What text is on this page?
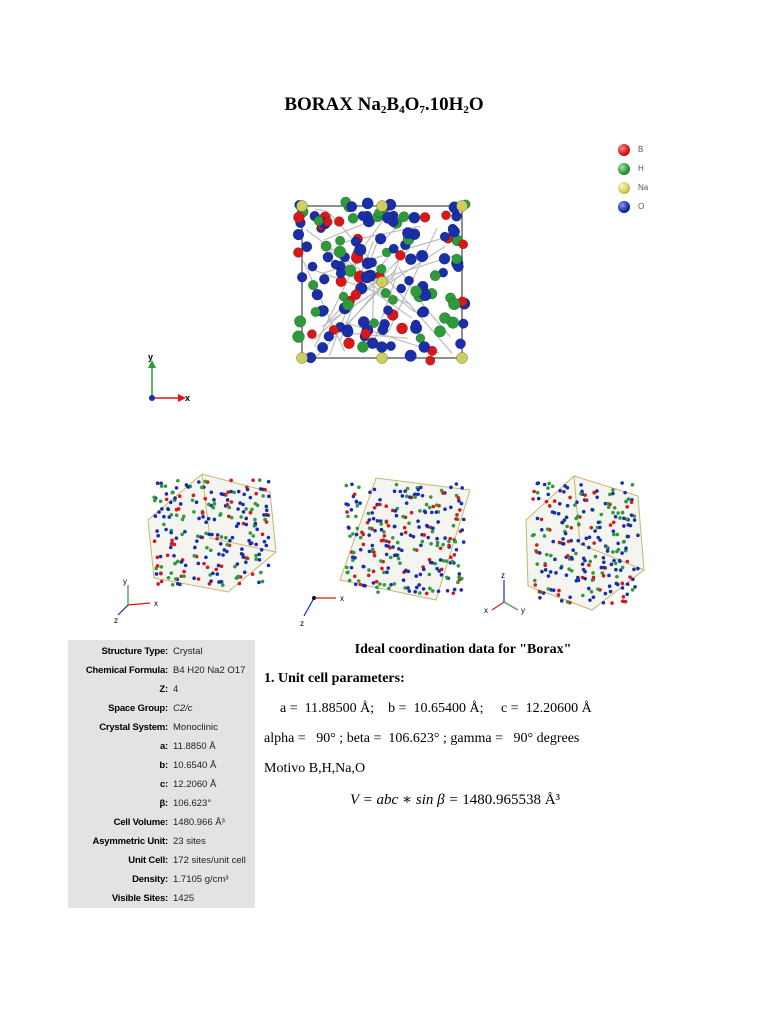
BORAX $Na_2B_4O_7.10H_2O$
y
x
B
H
Na
O
y
x
z
x
z
z
y
x
Structure Type: Crystal
Chemical Formula: B4 H20 Na2 O17
Z: 4
Space Group: C2/c
Crystal System: Monoclinic
a: 11.8850 Å
b: 10.6540 Å
c: 12.2060 Å
β: 106.623°
Cell Volume: 1480.966 Å³
Asymmetric Unit: 23 sites
Unit Cell: 172 sites/unit cell
Density: 1.7105 g/cm³
Visible Sites: 1425
Ideal coordination data for "Borax"
1. Unit cell parameters:
a =  11.88500 Å;    b =  10.65400 Å;     c =  12.20600 Å
alpha =   90° ; beta =  106.623° ; gamma =   90° degrees
Motivo B,H,Na,O
V = abc ∗ sin β = 1480.965538 Å³
